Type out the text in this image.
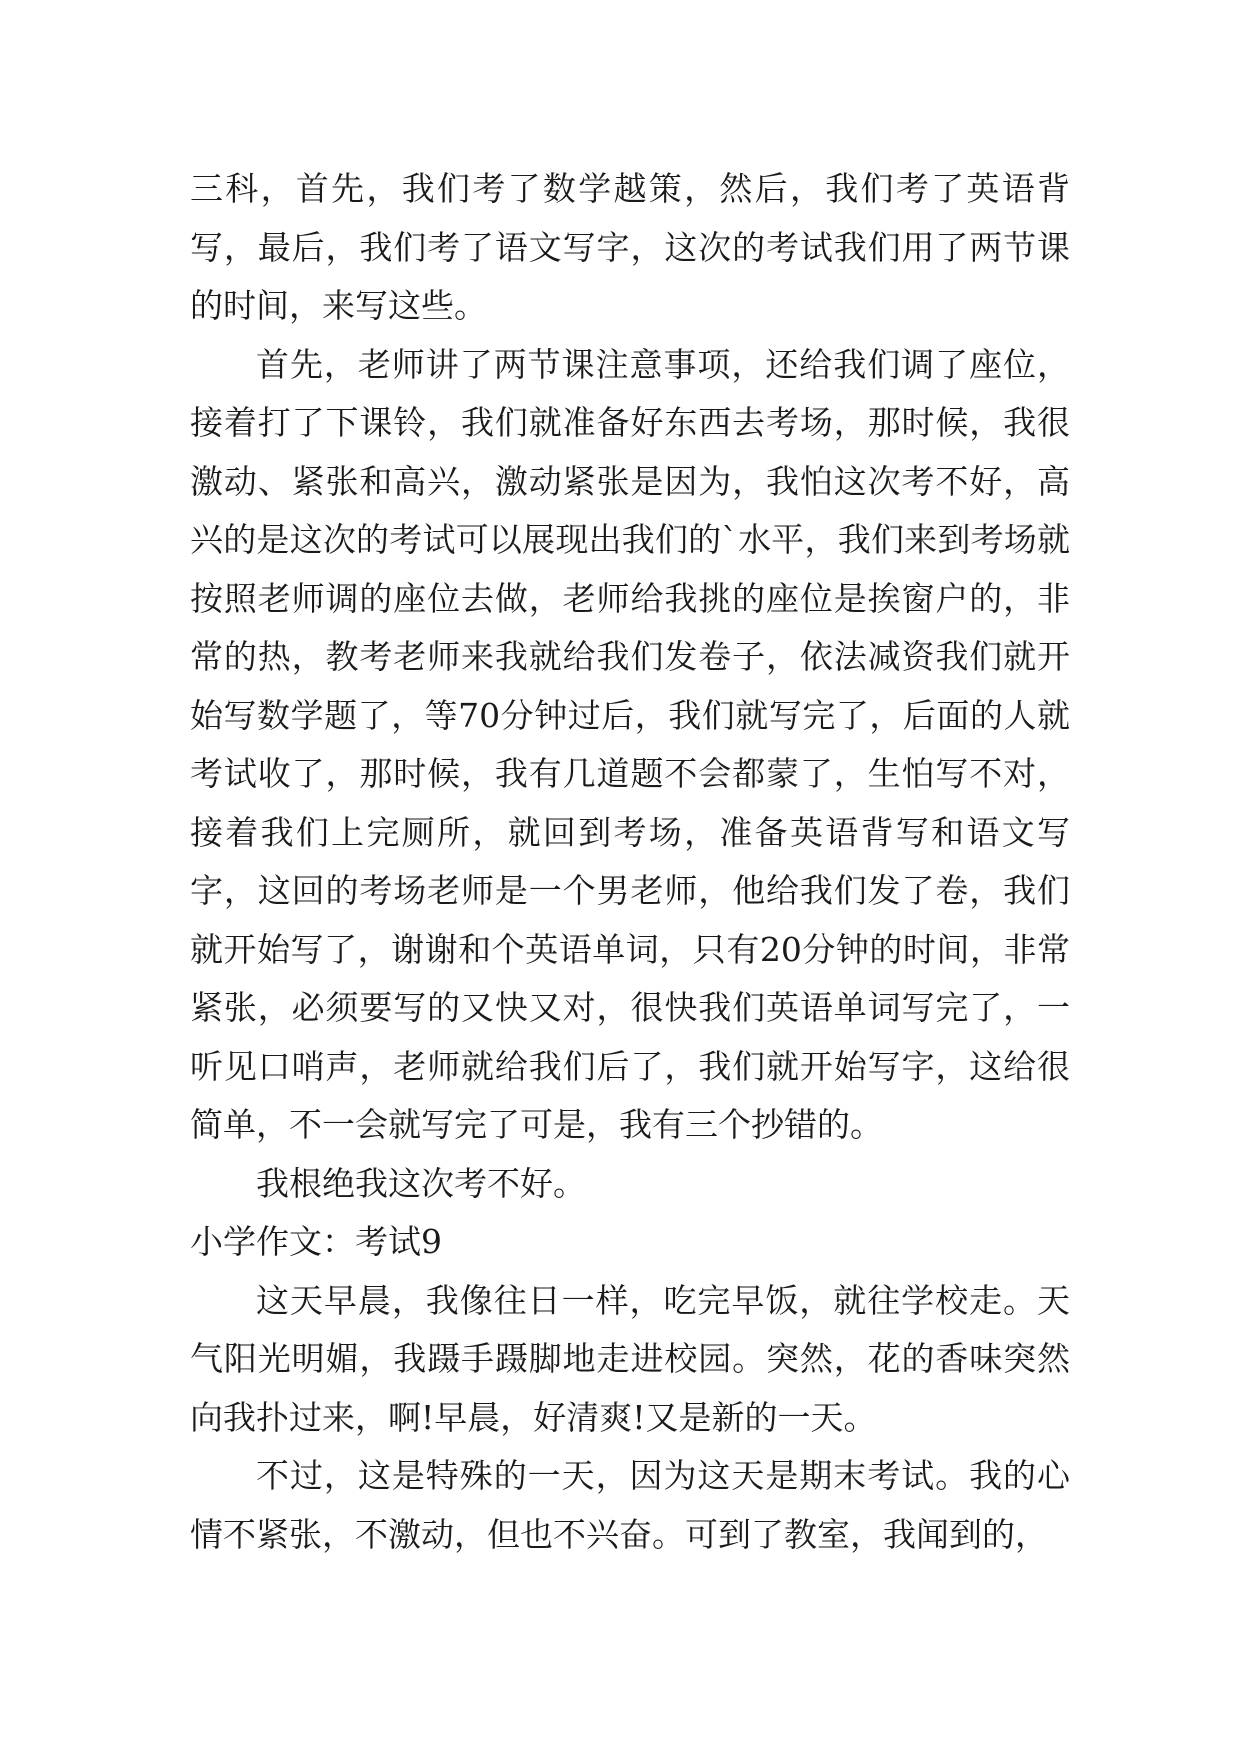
三科，首先，我们考了数学越策，然后，我们考了英语背写，最后，我们考了语文写字，这次的考试我们用了两节课的时间，来写这些。

首先，老师讲了两节课注意事项，还给我们调了座位，接着打了下课铃，我们就准备好东西去考场，那时候，我很激动、紧张和高兴，激动紧张是因为，我怕这次考不好，高兴的是这次的考试可以展现出我们的`水平，我们来到考场就按照老师调的座位去做，老师给我挑的座位是挨窗户的，非常的热，教考老师来我就给我们发卷子，依法减资我们就开始写数学题了，等70分钟过后，我们就写完了，后面的人就考试收了，那时候，我有几道题不会都蒙了，生怕写不对，接着我们上完厕所，就回到考场，准备英语背写和语文写字，这回的考场老师是一个男老师，他给我们发了卷，我们就开始写了，谢谢和个英语单词，只有20分钟的时间，非常紧张，必须要写的又快又对，很快我们英语单词写完了，一听见口哨声，老师就给我们后了，我们就开始写字，这给很简单，不一会就写完了可是，我有三个抄错的。

我根绝我这次考不好。

小学作文：考试9

这天早晨，我像往日一样，吃完早饭，就往学校走。天气阳光明媚，我蹑手蹑脚地走进校园。突然，花的香味突然向我扑过来，啊!早晨，好清爽!又是新的一天。

不过，这是特殊的一天，因为这天是期末考试。我的心情不紧张，不激动，但也不兴奋。可到了教室，我闻到的，
